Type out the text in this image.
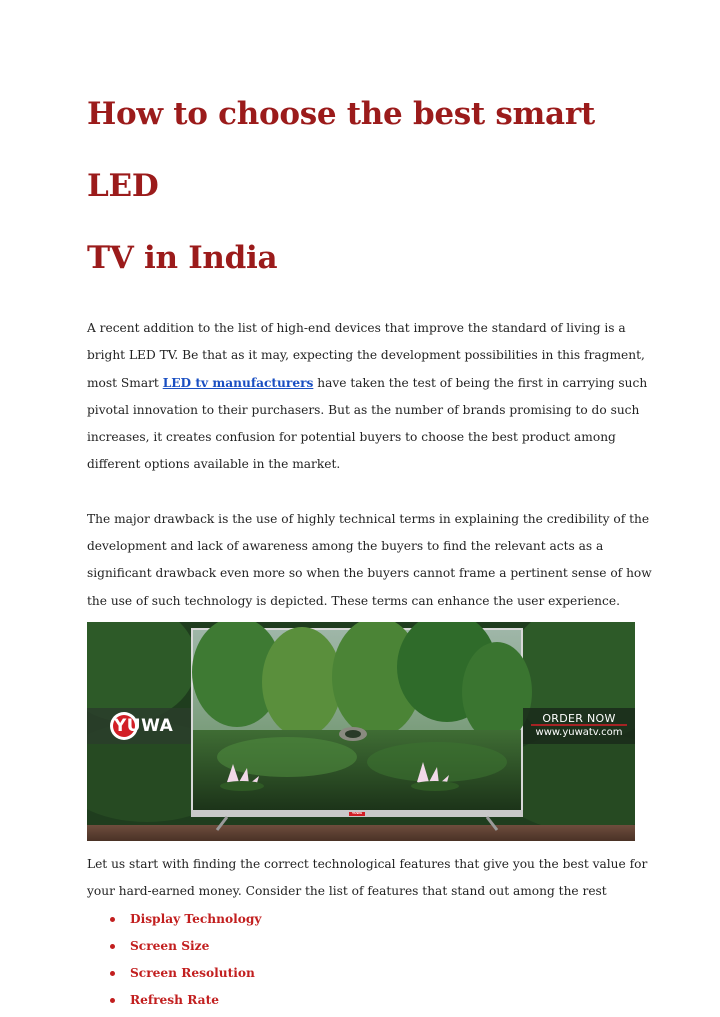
How to choose the best smart LED
TV in India
A recent addition to the list of high-end devices that improve the standard of living is a
bright LED TV. Be that as it may, expecting the development possibilities in this fragment,
most Smart LED tv manufacturers have taken the test of being the first in carrying such
pivotal innovation to their purchasers. But as the number of brands promising to do such
increases, it creates confusion for potential buyers to choose the best product among
different options available in the market.
The major drawback is the use of highly technical terms in explaining the credibility of the
development and lack of awareness among the buyers to find the relevant acts as a
significant drawback even more so when the buyers cannot frame a pertinent sense of how
the use of such technology is depicted. These terms can enhance the user experience.
YUWA
YUWA
ORDER NOW
www.yuwatv.com
Let us start with finding the correct technological features that give you the best value for
your hard-earned money. Consider the list of features that stand out among the rest
Display Technology
Screen Size
Screen Resolution
Refresh Rate
